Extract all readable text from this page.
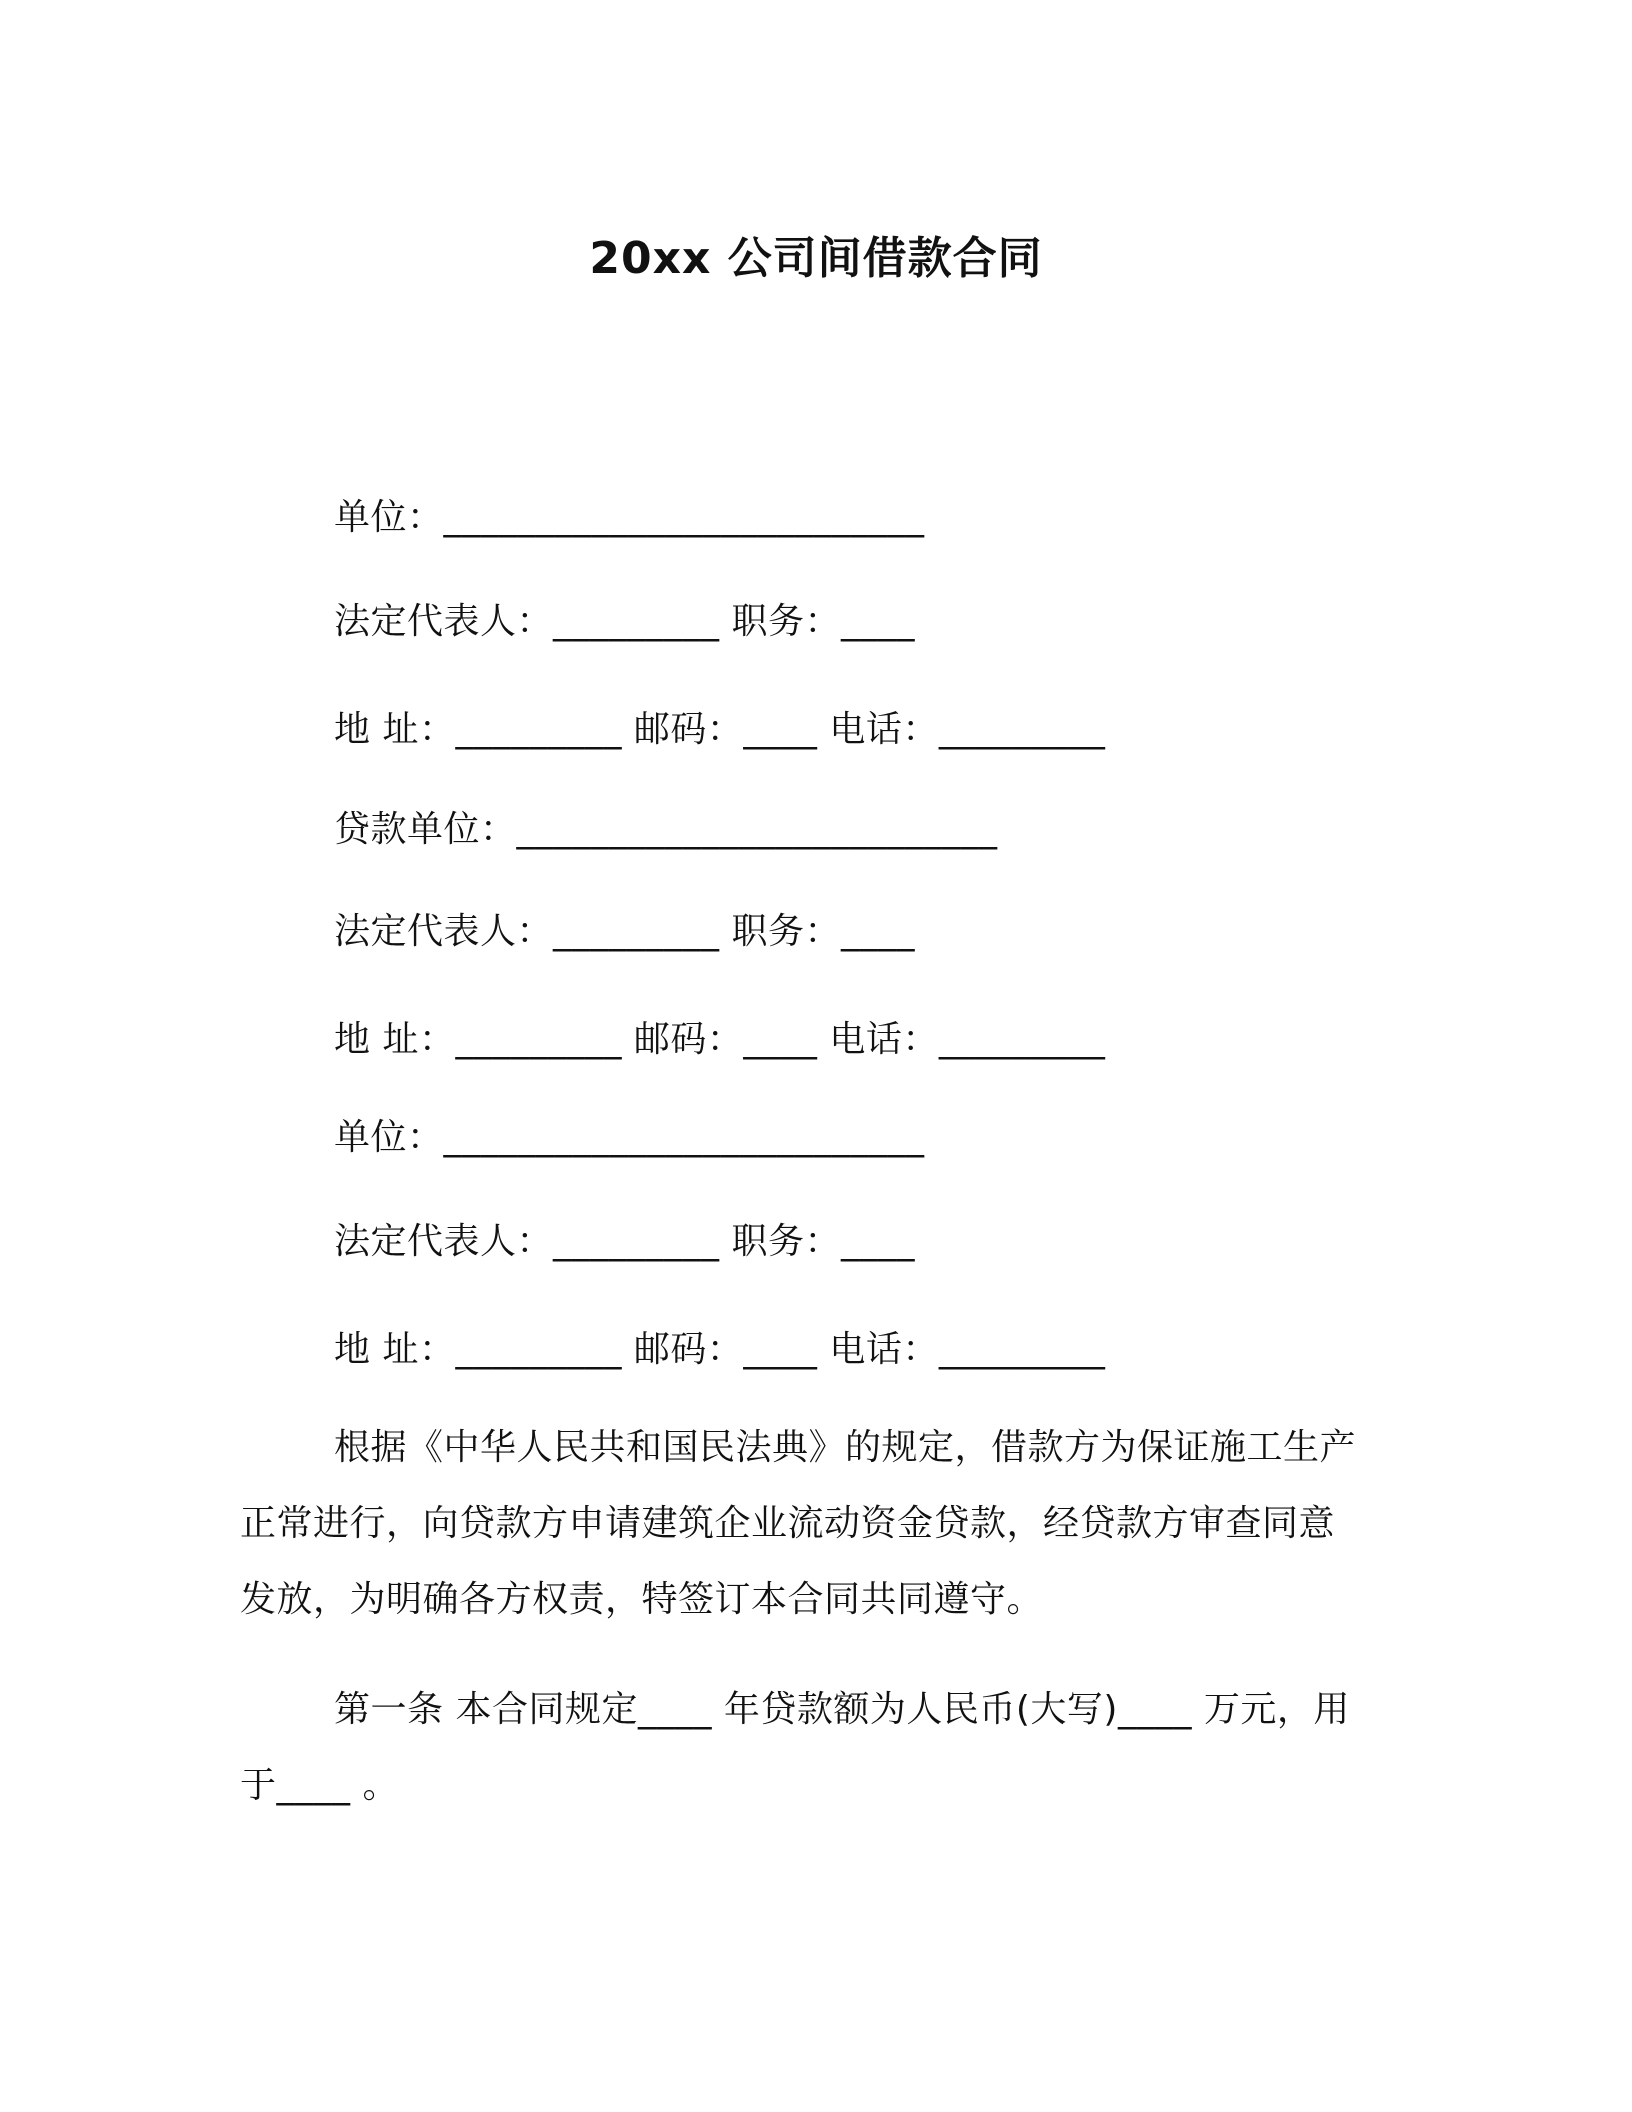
20xx 公司间借款合同
单位：__________________________
法定代表人：_________ 职务：____
地 址：_________ 邮码：____ 电话：_________
贷款单位：__________________________
法定代表人：_________ 职务：____
地 址：_________ 邮码：____ 电话：_________
单位：__________________________
法定代表人：_________ 职务：____
地 址：_________ 邮码：____ 电话：_________
根据《中华人民共和国民法典》的规定，借款方为保证施工生产
正常进行，向贷款方申请建筑企业流动资金贷款，经贷款方审查同意
发放，为明确各方权责，特签订本合同共同遵守。
第一条 本合同规定____ 年贷款额为人民币(大写)____ 万元，用
于____ 。
